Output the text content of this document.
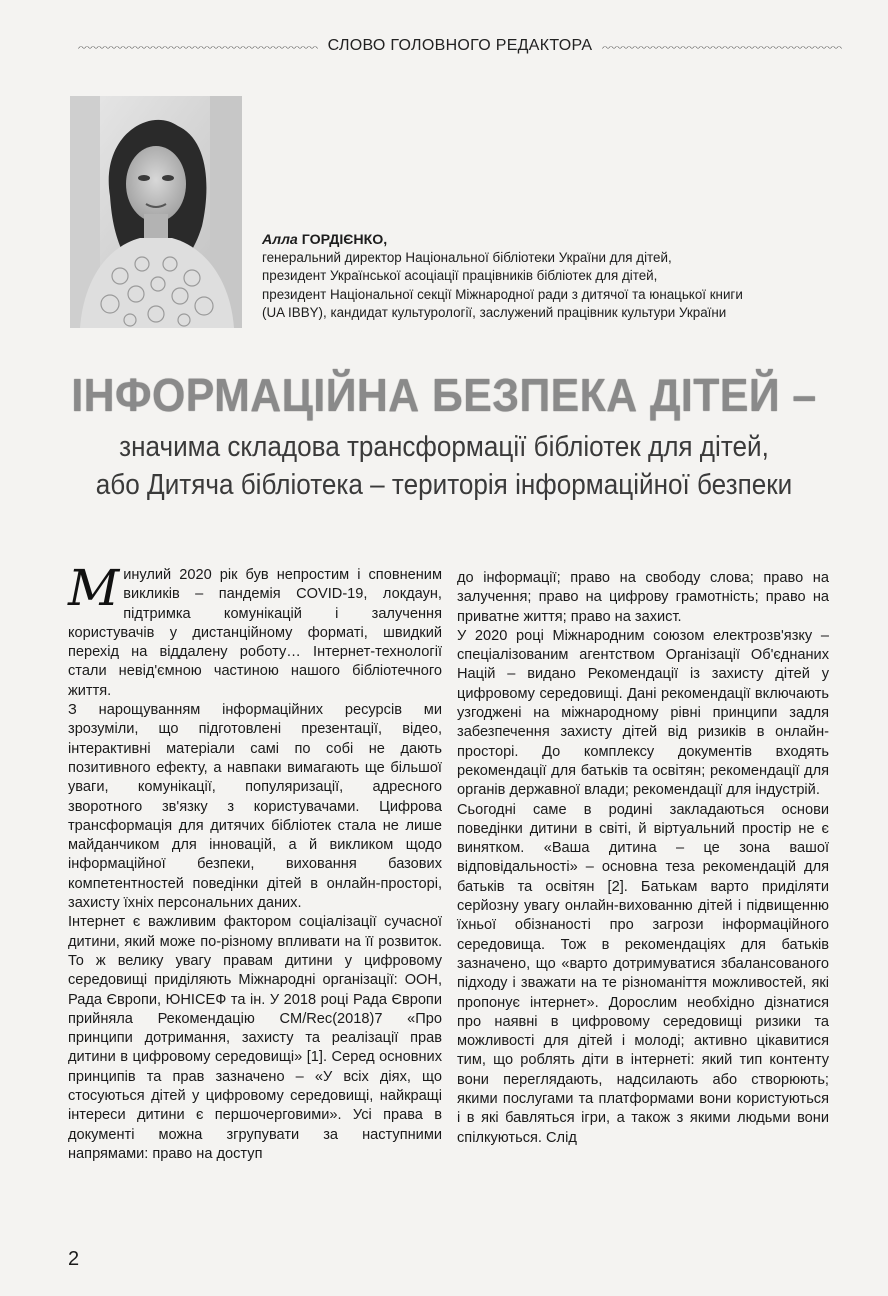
СЛОВО ГОЛОВНОГО РЕДАКТОРА
Алла ГОРДІЄНКО,
генеральний директор Національної бібліотеки України для дітей,
президент Української асоціації працівників бібліотек для дітей,
президент Національної секції Міжнародної ради з дитячої та юнацької книги
(UA IBBY), кандидат культурології, заслужений працівник культури України
ІНФОРМАЦІЙНА БЕЗПЕКА ДІТЕЙ –
значима складова трансформації бібліотек для дітей,
або Дитяча бібліотека – територія інформаційної безпеки

Минулий 2020 рік був непростим і сповненим викликів – пандемія COVID-19, локдаун, підтримка комунікацій і залучення користувачів у дистанційному форматі, швидкий перехід на віддалену роботу… Інтернет-технології стали невід'ємною частиною нашого бібліотечного життя.

З нарощуванням інформаційних ресурсів ми зрозуміли, що підготовлені презентації, відео, інтерактивні матеріали самі по собі не дають позитивного ефекту, а навпаки вимагають ще більшої уваги, комунікації, популяризації, адресного зворотного зв'язку з користувачами. Цифрова трансформація для дитячих бібліотек стала не лише майданчиком для інновацій, а й викликом щодо інформаційної безпеки, виховання базових компетентностей поведінки дітей в онлайн-просторі, захисту їхніх персональних даних.

Інтернет є важливим фактором соціалізації сучасної дитини, який може по-різному впливати на її розвиток. То ж велику увагу правам дитини у цифровому середовищі приділяють Міжнародні організації: ООН, Рада Європи, ЮНІСЕФ та ін. У 2018 році Рада Європи прийняла Рекомендацію CM/Rec(2018)7 «Про принципи дотримання, захисту та реалізації прав дитини в цифровому середовищі» [1]. Серед основних принципів та прав зазначено – «У всіх діях, що стосуються дітей у цифровому середовищі, найкращі інтереси дитини є першочерговими». Усі права в документі можна згрупувати за наступними напрямами: право на доступ

до інформації; право на свободу слова; право на залучення; право на цифрову грамотність; право на приватне життя; право на захист.

У 2020 році Міжнародним союзом електрозв'язку – спеціалізованим агентством Організації Об'єднаних Націй – видано Рекомендації із захисту дітей у цифровому середовищі. Дані рекомендації включають узгоджені на міжнародному рівні принципи задля забезпечення захисту дітей від ризиків в онлайн-просторі. До комплексу документів входять рекомендації для батьків та освітян; рекомендації для органів державної влади; рекомендації для індустрій.

Сьогодні саме в родині закладаються основи поведінки дитини в світі, й віртуальний простір не є винятком. «Ваша дитина – це зона вашої відповідальності» – основна теза рекомендацій для батьків та освітян [2]. Батькам варто приділяти серйозну увагу онлайн-вихованню дітей і підвищенню їхньої обізнаності про загрози інформаційного середовища. Тож в рекомендаціях для батьків зазначено, що «варто дотримуватися збалансованого підходу і зважати на те різноманіття можливостей, які пропонує інтернет». Дорослим необхідно дізнатися про наявні в цифровому середовищі ризики та можливості для дітей і молоді; активно цікавитися тим, що роблять діти в інтернеті: який тип контенту вони переглядають, надсилають або створюють; якими послугами та платформами вони користуються і в які бавляться ігри, а також з якими людьми вони спілкуються. Слід

2
